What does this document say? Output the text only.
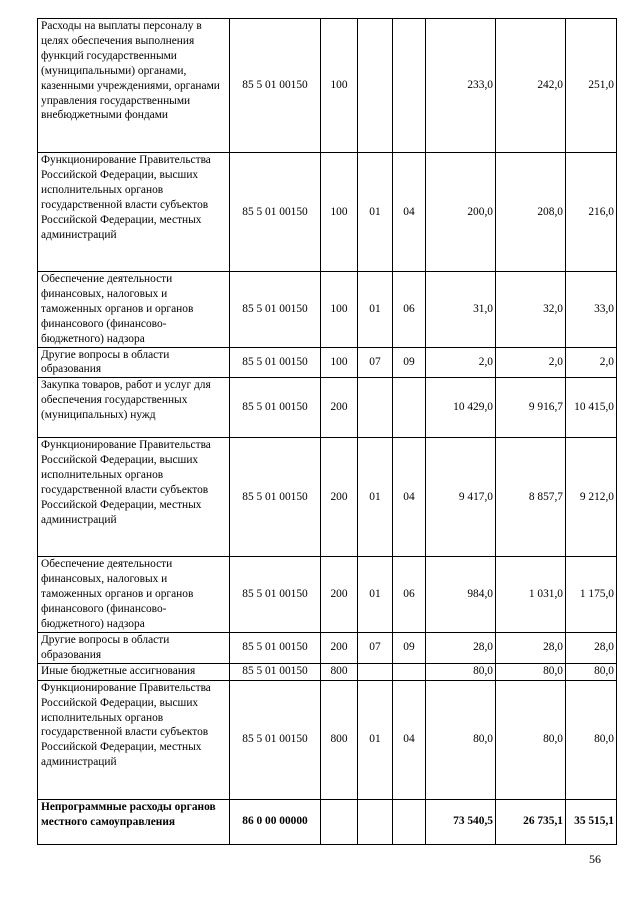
Расходы на выплаты персоналу в целях обеспечения выполнения функций государственными (муниципальными) органами, казенными учреждениями, органами управления государственными внебюджетными фондами	85 5 01 00150	100			233,0	242,0	251,0
Функционирование Правительства Российской Федерации, высших исполнительных органов государственной власти субъектов Российской Федерации, местных администраций	85 5 01 00150	100	01	04	200,0	208,0	216,0
Обеспечение деятельности финансовых, налоговых и таможенных органов и органов финансового (финансово-бюджетного) надзора	85 5 01 00150	100	01	06	31,0	32,0	33,0
Другие вопросы в области образования	85 5 01 00150	100	07	09	2,0	2,0	2,0
Закупка товаров, работ и услуг для обеспечения государственных (муниципальных) нужд	85 5 01 00150	200			10 429,0	9 916,7	10 415,0
Функционирование Правительства Российской Федерации, высших исполнительных органов государственной власти субъектов Российской Федерации, местных администраций	85 5 01 00150	200	01	04	9 417,0	8 857,7	9 212,0
Обеспечение деятельности финансовых, налоговых и таможенных органов и органов финансового (финансово-бюджетного) надзора	85 5 01 00150	200	01	06	984,0	1 031,0	1 175,0
Другие вопросы в области образования	85 5 01 00150	200	07	09	28,0	28,0	28,0
Иные бюджетные ассигнования	85 5 01 00150	800			80,0	80,0	80,0
Функционирование Правительства Российской Федерации, высших исполнительных органов государственной власти субъектов Российской Федерации, местных администраций	85 5 01 00150	800	01	04	80,0	80,0	80,0
Непрограммные расходы органов местного самоуправления	86 0 00 00000				73 540,5	26 735,1	35 515,1
56
